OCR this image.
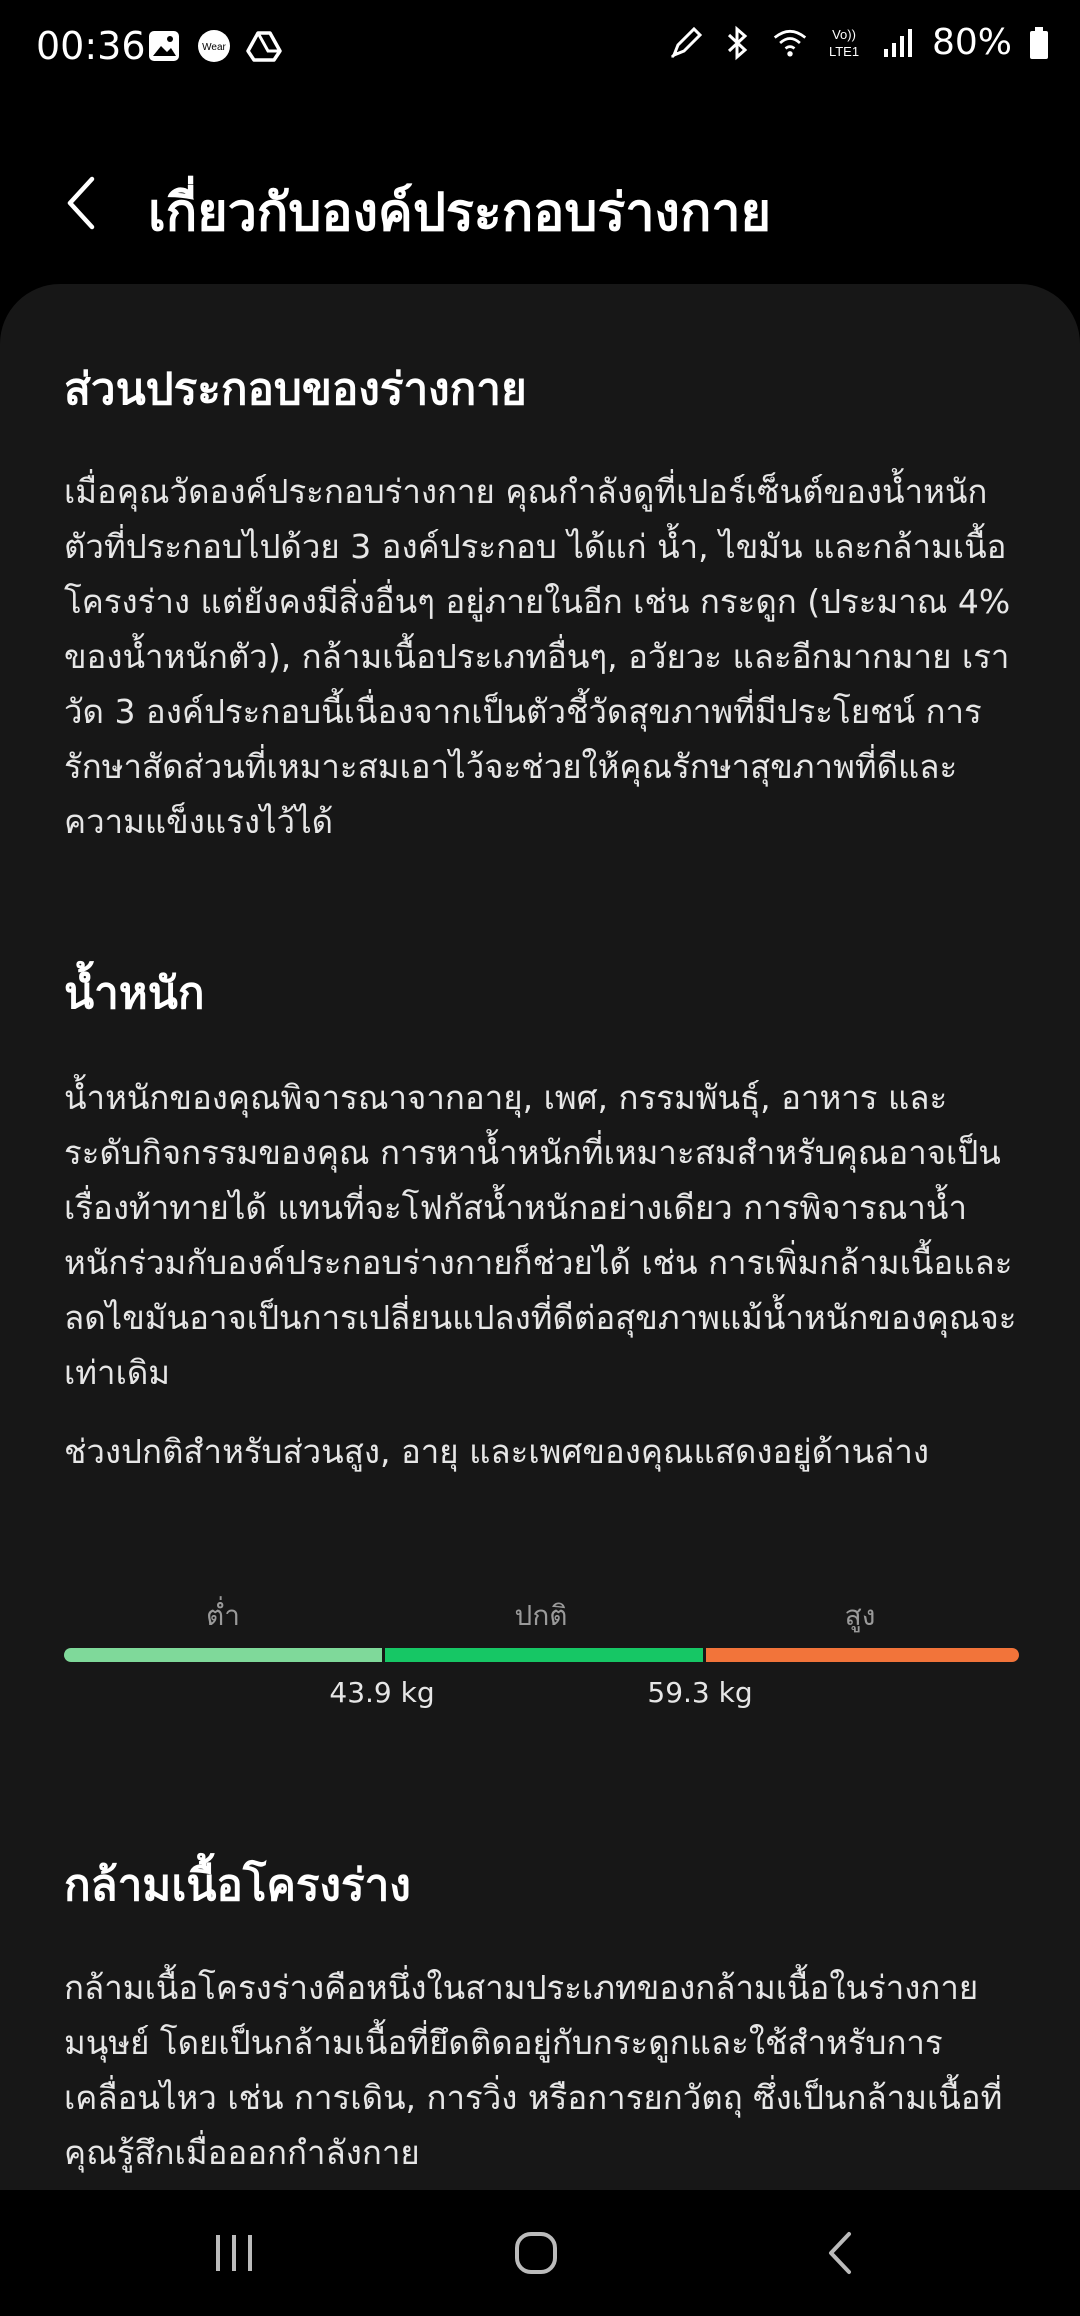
00:36	Wear
Vo))
LTE1 80%
เกี่ยวกับองค์ประกอบร่างกาย
ส่วนประกอบของร่างกาย

เมื่อคุณวัดองค์ประกอบร่างกาย คุณกำลังดูที่เปอร์เซ็นต์ของน้ำหนักตัวที่ประกอบไปด้วย 3 องค์ประกอบ ได้แก่ น้ำ, ไขมัน และกล้ามเนื้อโครงร่าง แต่ยังคงมีสิ่งอื่นๆ อยู่ภายในอีก เช่น กระดูก (ประมาณ 4% ของน้ำหนักตัว), กล้ามเนื้อประเภทอื่นๆ, อวัยวะ และอีกมากมาย เราวัด 3 องค์ประกอบนี้เนื่องจากเป็นตัวชี้วัดสุขภาพที่มีประโยชน์ การรักษาสัดส่วนที่เหมาะสมเอาไว้จะช่วยให้คุณรักษาสุขภาพที่ดีและความแข็งแรงไว้ได้

น้ำหนัก

น้ำหนักของคุณพิจารณาจากอายุ, เพศ, กรรมพันธุ์, อาหาร และระดับกิจกรรมของคุณ การหาน้ำหนักที่เหมาะสมสำหรับคุณอาจเป็นเรื่องท้าทายได้ แทนที่จะโฟกัสน้ำหนักอย่างเดียว การพิจารณาน้ำหนักร่วมกับองค์ประกอบร่างกายก็ช่วยได้ เช่น การเพิ่มกล้ามเนื้อและลดไขมันอาจเป็นการเปลี่ยนแปลงที่ดีต่อสุขภาพแม้น้ำหนักของคุณจะเท่าเดิม

ช่วงปกติสำหรับส่วนสูง, อายุ และเพศของคุณแสดงอยู่ด้านล่าง

ต่ำ	ปกติ	สูง
43.9 kg	59.3 kg
กล้ามเนื้อโครงร่าง

กล้ามเนื้อโครงร่างคือหนึ่งในสามประเภทของกล้ามเนื้อในร่างกายมนุษย์ โดยเป็นกล้ามเนื้อที่ยึดติดอยู่กับกระดูกและใช้สำหรับการเคลื่อนไหว เช่น การเดิน, การวิ่ง หรือการยกวัตถุ ซึ่งเป็นกล้ามเนื้อที่คุณรู้สึกเมื่อออกกำลังกาย
